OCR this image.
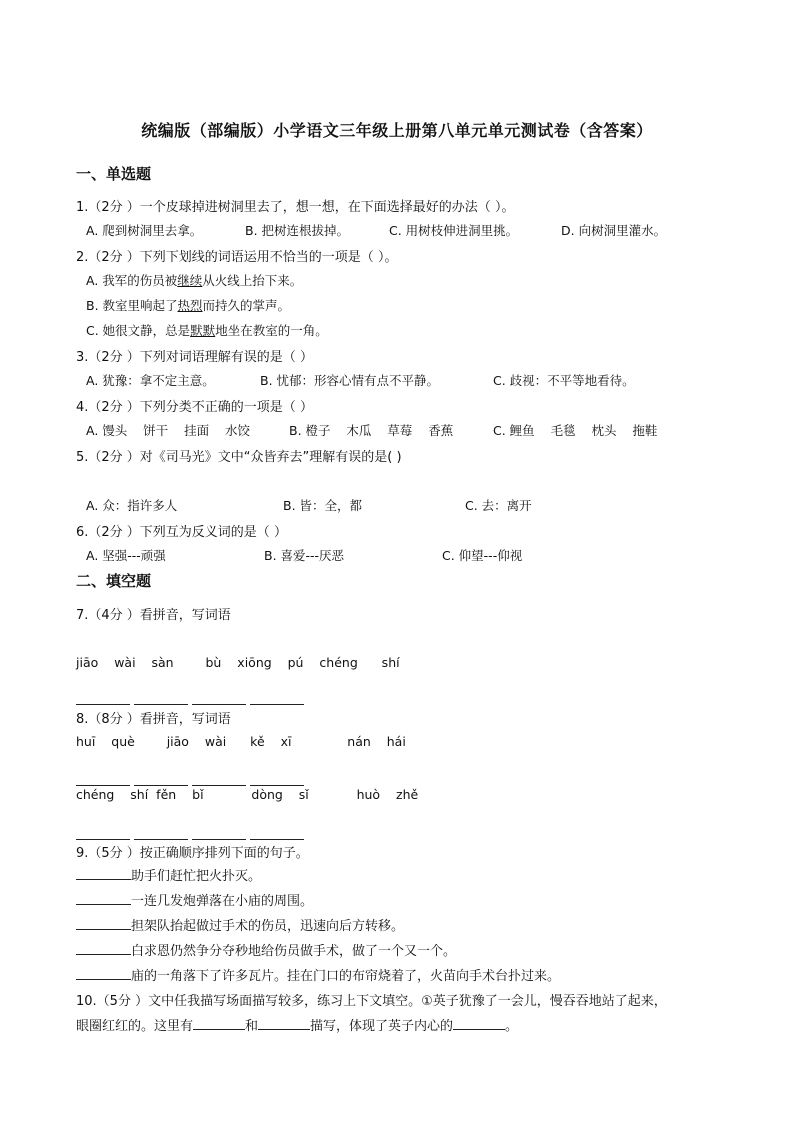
统编版（部编版）小学语文三年级上册第八单元单元测试卷（含答案）
一、单选题
1.（2分 ）一个皮球掉进树洞里去了，想一想，在下面选择最好的办法（ ）。
A. 爬到树洞里去拿。	B. 把树连根拔掉。	C. 用树枝伸进洞里挑。	D. 向树洞里灌水。
2.（2分 ）下列下划线的词语运用不恰当的一项是（ ）。
A. 我军的伤员被继续从火线上抬下来。
B. 教室里响起了热烈而持久的掌声。
C. 她很文静，总是默默地坐在教室的一角。
3.（2分 ）下列对词语理解有误的是（ ）
A. 犹豫：拿不定主意。	B. 忧郁：形容心情有点不平静。	C. 歧视：不平等地看待。
4.（2分 ）下列分类不正确的一项是（ ）
A. 馒头    饼干    挂面    水饺	B. 橙子    木瓜    草莓    香蕉	C. 鲤鱼    毛毯    枕头    拖鞋
5.（2分 ）对《司马光》文中“众皆弃去”理解有误的是( )
A. 众：指许多人	B. 皆：全，都	C. 去：离开
6.（2分 ）下列互为反义词的是（ ）
A. 坚强---顽强	B. 喜爱---厌恶	C. 仰望---仰视
二、填空题
7.（4分 ）看拼音，写词语
jiāo  wài  sàn    bù  xiōng  pú  chéng   shí
8.（8分 ）看拼音，写词语
huī  què    jiāo  wài   kě  xī       nán  hái
chéng  shí fěn  bǐ      dòng  sǐ      huò  zhě
9.（5分 ）按正确顺序排列下面的句子。
助手们赶忙把火扑灭。
一连几发炮弹落在小庙的周围。
担架队抬起做过手术的伤员，迅速向后方转移。
白求恩仍然争分夺秒地给伤员做手术，做了一个又一个。
庙的一角落下了许多瓦片。挂在门口的布帘烧着了，火苗向手术台扑过来。
10.（5分 ）文中任我描写场面描写较多，练习上下文填空。①英子犹豫了一会儿，慢吞吞地站了起来，
眼圈红红的。这里有	和	描写，体现了英子内心的	。
